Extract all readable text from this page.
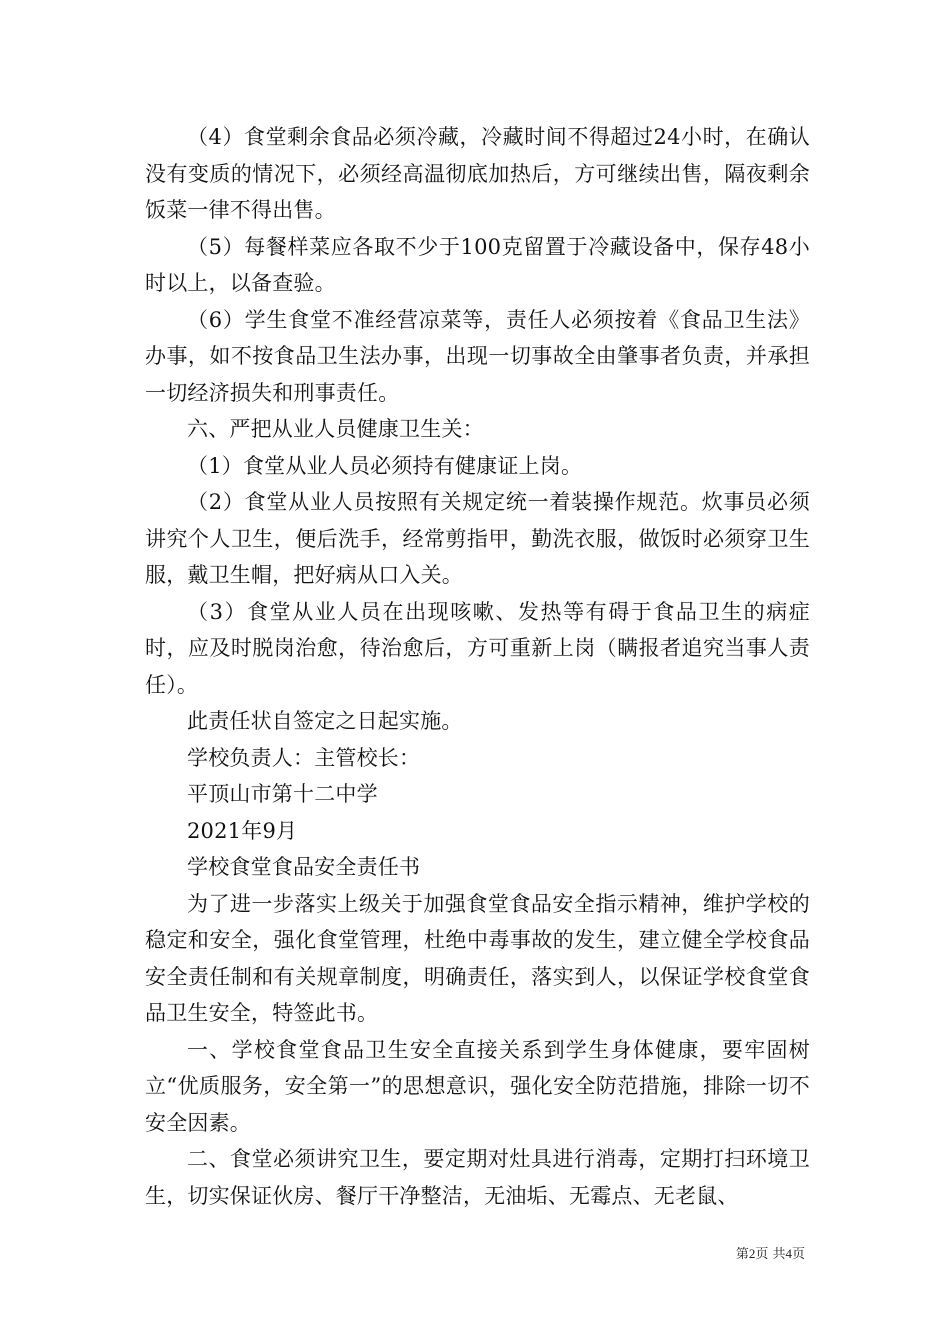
（4）食堂剩余食品必须冷藏，冷藏时间不得超过24小时，在确认没有变质的情况下，必须经高温彻底加热后，方可继续出售，隔夜剩余饭菜一律不得出售。

（5）每餐样菜应各取不少于100克留置于冷藏设备中，保存48小时以上，以备查验。

（6）学生食堂不准经营凉菜等，责任人必须按着《食品卫生法》办事，如不按食品卫生法办事，出现一切事故全由肇事者负责，并承担一切经济损失和刑事责任。

六、严把从业人员健康卫生关：

（1）食堂从业人员必须持有健康证上岗。

（2）食堂从业人员按照有关规定统一着装操作规范。炊事员必须讲究个人卫生，便后洗手，经常剪指甲，勤洗衣服，做饭时必须穿卫生服，戴卫生帽，把好病从口入关。

（3）食堂从业人员在出现咳嗽、发热等有碍于食品卫生的病症时，应及时脱岗治愈，待治愈后，方可重新上岗（瞒报者追究当事人责任）。

此责任状自签定之日起实施。

学校负责人：主管校长：

平顶山市第十二中学

2021年9月

学校食堂食品安全责任书

为了进一步落实上级关于加强食堂食品安全指示精神，维护学校的稳定和安全，强化食堂管理，杜绝中毒事故的发生，建立健全学校食品安全责任制和有关规章制度，明确责任，落实到人，以保证学校食堂食品卫生安全，特签此书。

一、学校食堂食品卫生安全直接关系到学生身体健康，要牢固树立“优质服务，安全第一”的思想意识，强化安全防范措施，排除一切不安全因素。

二、食堂必须讲究卫生，要定期对灶具进行消毒，定期打扫环境卫生，切实保证伙房、餐厅干净整洁，无油垢、无霉点、无老鼠、

第2页 共4页
